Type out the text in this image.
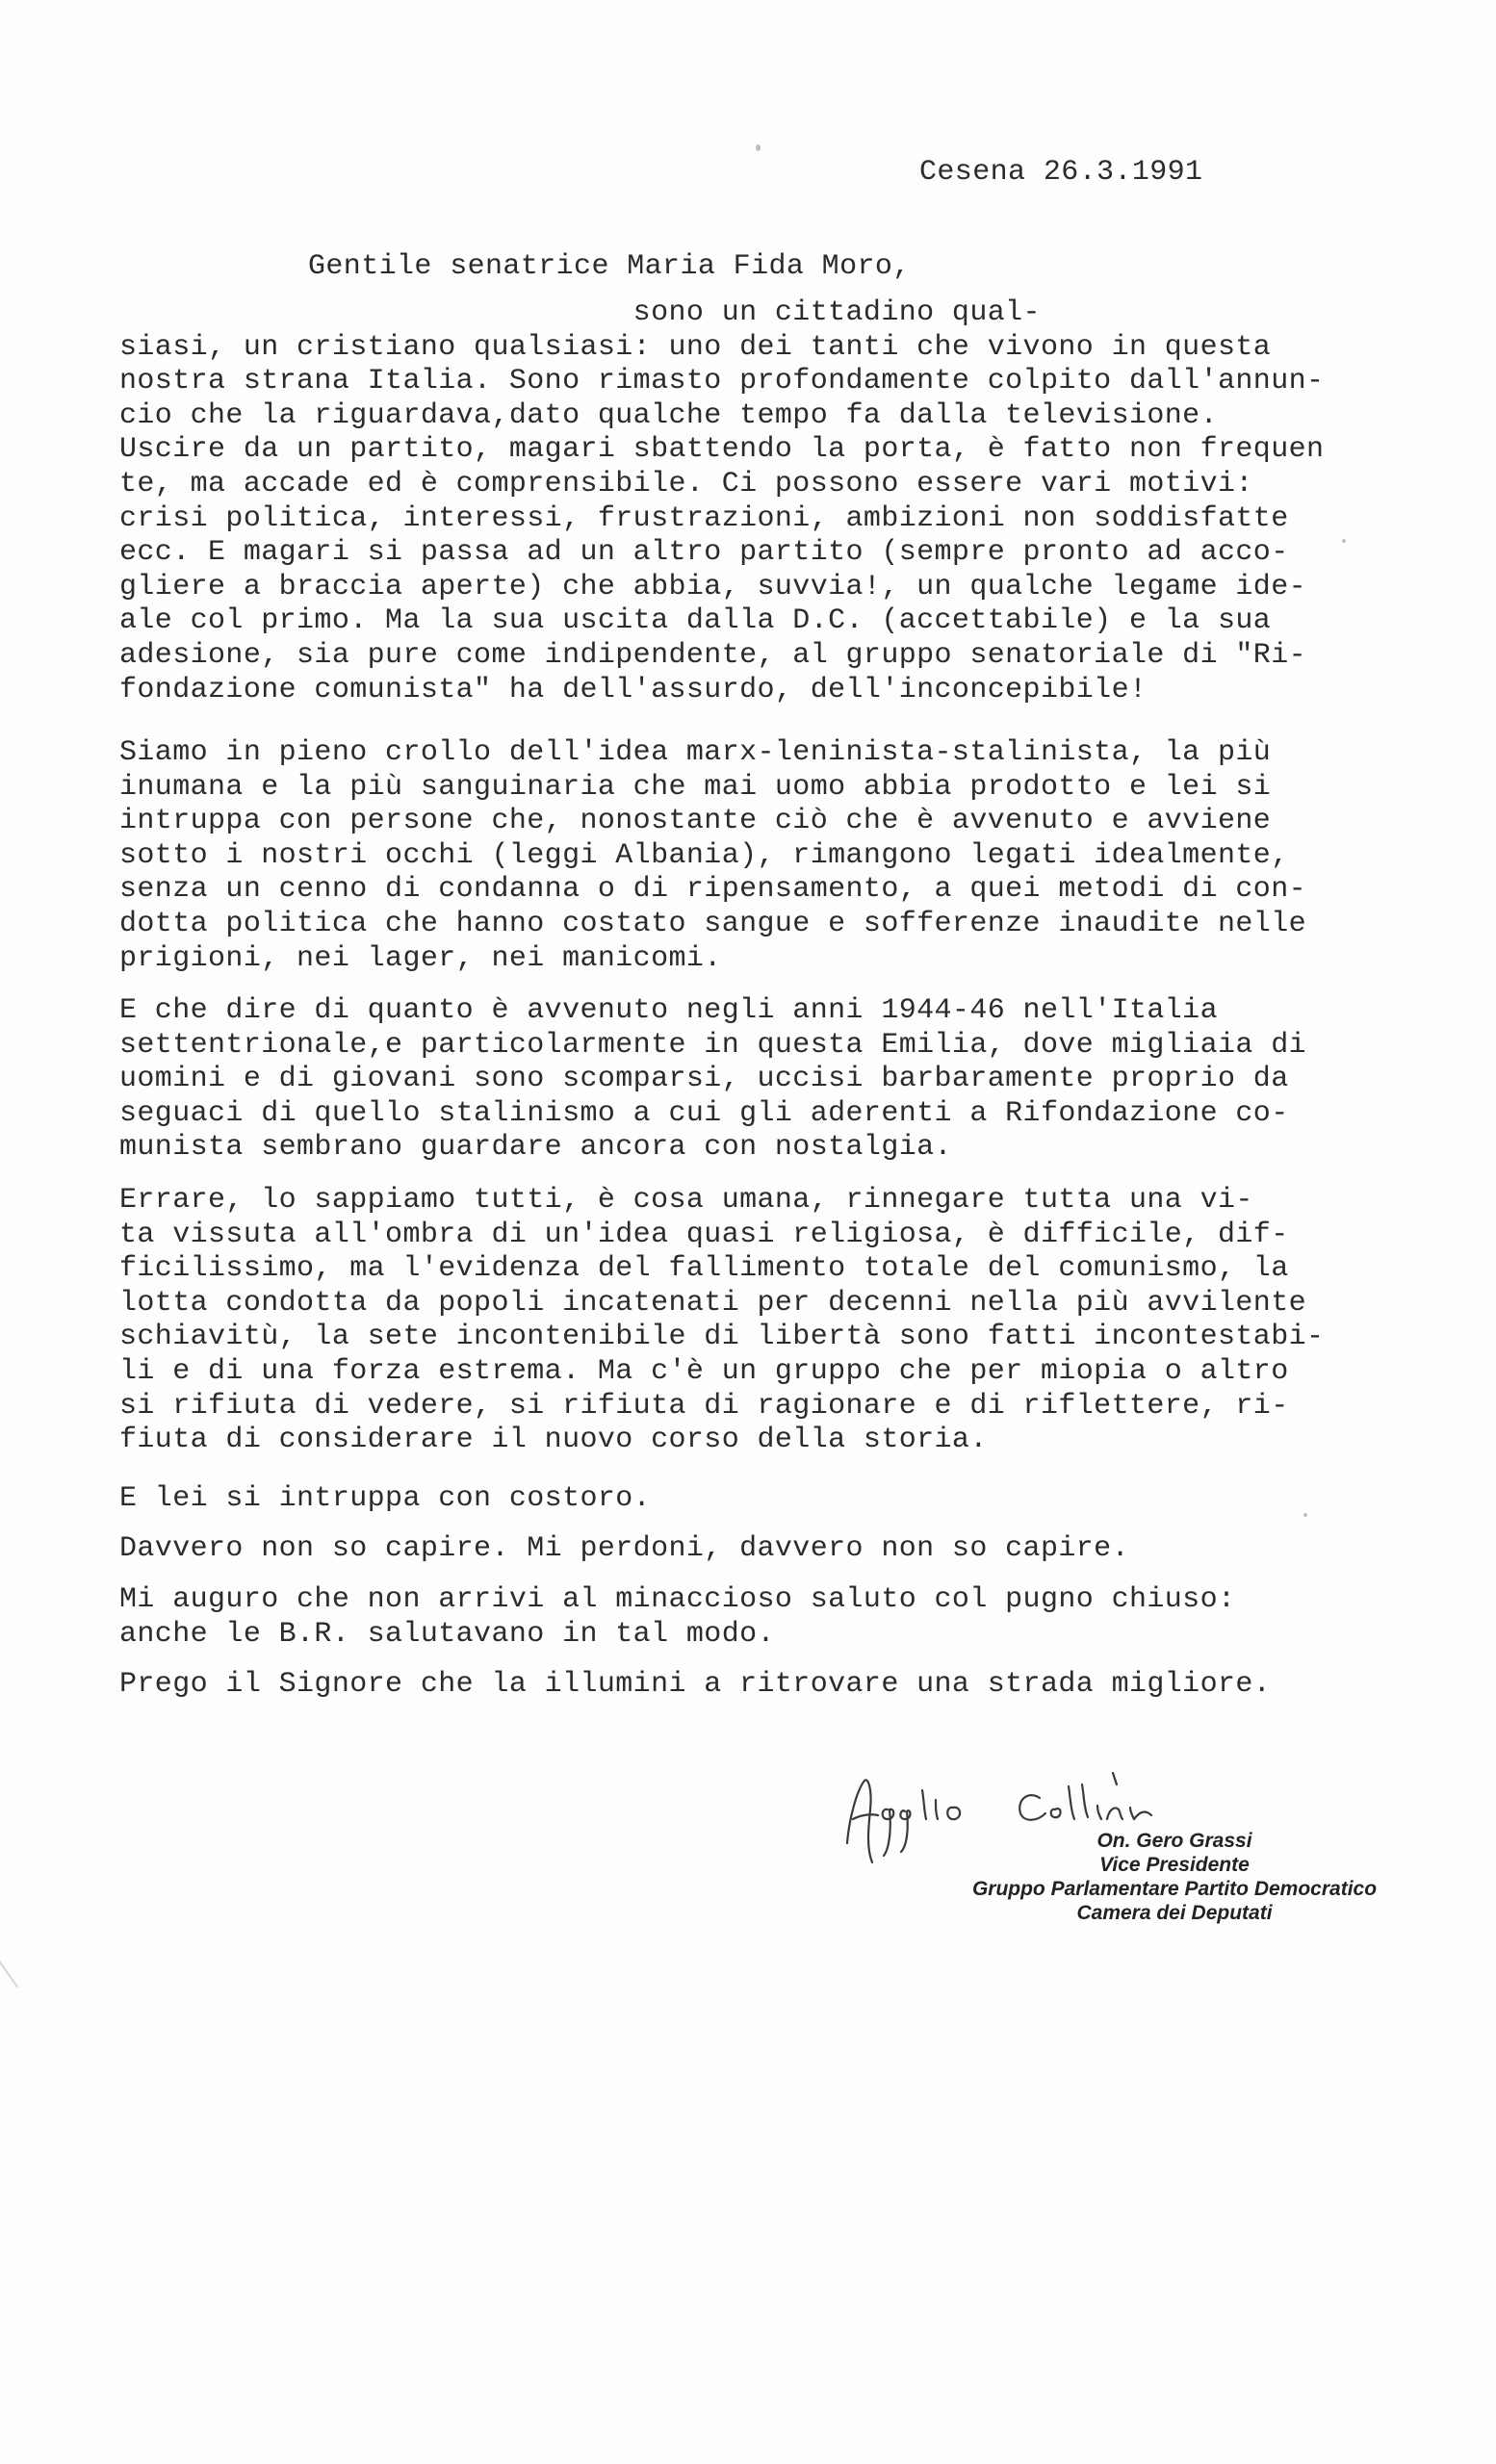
Cesena 26.3.1991
Gentile senatrice Maria Fida Moro,
sono un cittadino qual-
siasi, un cristiano qualsiasi: uno dei tanti che vivono in questa
nostra strana Italia. Sono rimasto profondamente colpito dall'annun-
cio che la riguardava,dato qualche tempo fa dalla televisione.
Uscire da un partito, magari sbattendo la porta, è fatto non frequen
te, ma accade ed è comprensibile. Ci possono essere vari motivi:
crisi politica, interessi, frustrazioni, ambizioni non soddisfatte
ecc. E magari si passa ad un altro partito (sempre pronto ad acco-
gliere a braccia aperte) che abbia, suvvia!, un qualche legame ide-
ale col primo. Ma la sua uscita dalla D.C. (accettabile) e la sua
adesione, sia pure come indipendente, al gruppo senatoriale di "Ri-
fondazione comunista" ha dell'assurdo, dell'inconcepibile!
Siamo in pieno crollo dell'idea marx-leninista-stalinista, la più
inumana e la più sanguinaria che mai uomo abbia prodotto e lei si
intruppa con persone che, nonostante ciò che è avvenuto e avviene
sotto i nostri occhi (leggi Albania), rimangono legati idealmente,
senza un cenno di condanna o di ripensamento, a quei metodi di con-
dotta politica che hanno costato sangue e sofferenze inaudite nelle
prigioni, nei lager, nei manicomi.
E che dire di quanto è avvenuto negli anni 1944-46 nell'Italia
settentrionale,e particolarmente in questa Emilia, dove migliaia di
uomini e di giovani sono scomparsi, uccisi barbaramente proprio da
seguaci di quello stalinismo a cui gli aderenti a Rifondazione co-
munista sembrano guardare ancora con nostalgia.
Errare, lo sappiamo tutti, è cosa umana, rinnegare tutta una vi-
ta vissuta all'ombra di un'idea quasi religiosa, è difficile, dif-
ficilissimo, ma l'evidenza del fallimento totale del comunismo, la
lotta condotta da popoli incatenati per decenni nella più avvilente
schiavitù, la sete incontenibile di libertà sono fatti incontestabi-
li e di una forza estrema. Ma c'è un gruppo che per miopia o altro
si rifiuta di vedere, si rifiuta di ragionare e di riflettere, ri-
fiuta di considerare il nuovo corso della storia.
E lei si intruppa con costoro.
Davvero non so capire. Mi perdoni, davvero non so capire.
Mi auguro che non arrivi al minaccioso saluto col pugno chiuso:
anche le B.R. salutavano in tal modo.
Prego il Signore che la illumini a ritrovare una strada migliore.
On. Gero Grassi
Vice Presidente
Gruppo Parlamentare Partito Democratico
Camera dei Deputati
